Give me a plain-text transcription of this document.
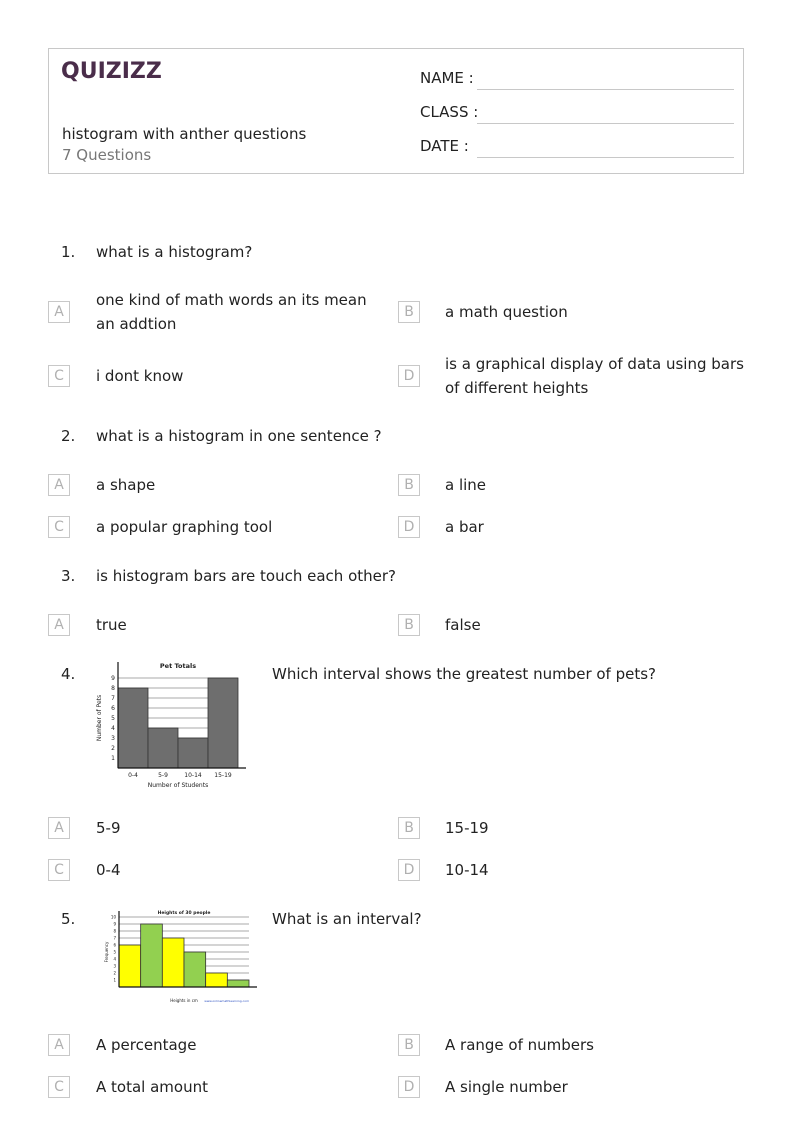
QUIZIZZ
histogram with anther questions
7 Questions
NAME :
CLASS :
DATE :
1. what is a histogram?
A
one kind of math words an its mean an addtion
B	a math question
C	i dont know	D
is a graphical display of data using bars of different heights
2. what is a histogram in one sentence ?
A	a shape	B	a line
C	a popular graphing tool	D	a bar
3. is histogram bars are touch each other?
A	true	B	false
4.
1
2
3
4
5
6
7
8
9
0-4	5-9	10-14 15-19
Pet Totals
Number of Students
Number of Pets
Which interval shows the greatest number of pets?
A	5-9	B	15-19
C	0-4	D	10-14
5.
1
2
3
4
5
6
7
8
9
10
Heights of 30 people
Heights in cm
Frequency
www.onlinemathlearning.com
What is an interval?
A	A percentage	B	A range of numbers
C	A total amount	D	A single number
